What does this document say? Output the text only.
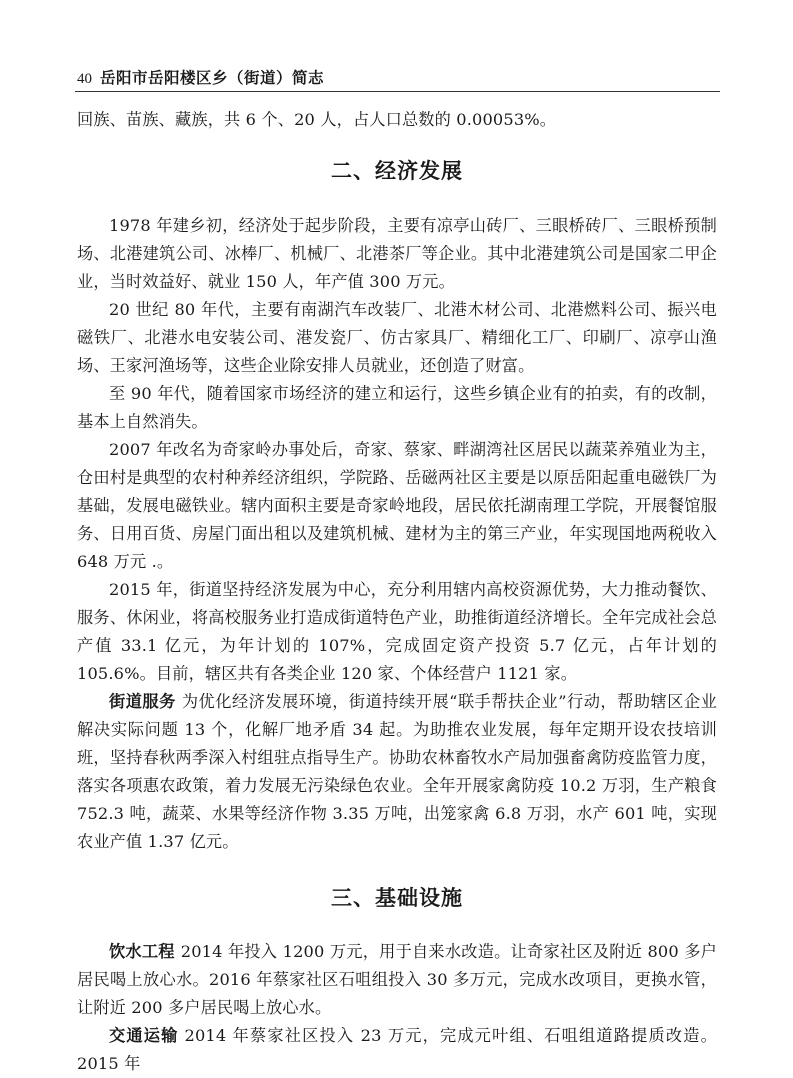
40 岳阳市岳阳楼区乡（街道）简志

回族、苗族、藏族，共 6 个、20 人，占人口总数的 0.00053%。

二、经济发展

1978 年建乡初，经济处于起步阶段，主要有凉亭山砖厂、三眼桥砖厂、三眼桥预制场、北港建筑公司、冰棒厂、机械厂、北港茶厂等企业。其中北港建筑公司是国家二甲企业，当时效益好、就业 150 人，年产值 300 万元。

20 世纪 80 年代，主要有南湖汽车改装厂、北港木材公司、北港燃料公司、振兴电磁铁厂、北港水电安装公司、港发瓷厂、仿古家具厂、精细化工厂、印刷厂、凉亭山渔场、王家河渔场等，这些企业除安排人员就业，还创造了财富。

至 90 年代，随着国家市场经济的建立和运行，这些乡镇企业有的拍卖，有的改制，基本上自然消失。

2007 年改名为奇家岭办事处后，奇家、蔡家、畔湖湾社区居民以蔬菜养殖业为主，仓田村是典型的农村种养经济组织，学院路、岳磁两社区主要是以原岳阳起重电磁铁厂为基础，发展电磁铁业。辖内面积主要是奇家岭地段，居民依托湖南理工学院，开展餐馆服务、日用百货、房屋门面出租以及建筑机械、建材为主的第三产业，年实现国地两税收入 648 万元 .。

2015 年，街道坚持经济发展为中心，充分利用辖内高校资源优势，大力推动餐饮、服务、休闲业，将高校服务业打造成街道特色产业，助推街道经济增长。全年完成社会总产值 33.1 亿元，为年计划的 107%，完成固定资产投资 5.7 亿元，占年计划的 105.6%。目前，辖区共有各类企业 120 家、个体经营户 1121 家。

街道服务 为优化经济发展环境，街道持续开展“联手帮扶企业”行动，帮助辖区企业解决实际问题 13 个，化解厂地矛盾 34 起。为助推农业发展，每年定期开设农技培训班，坚持春秋两季深入村组驻点指导生产。协助农林畜牧水产局加强畜禽防疫监管力度，落实各项惠农政策，着力发展无污染绿色农业。全年开展家禽防疫 10.2 万羽，生产粮食 752.3 吨，蔬菜、水果等经济作物 3.35 万吨，出笼家禽 6.8 万羽，水产 601 吨，实现农业产值 1.37 亿元。

三、基础设施

饮水工程 2014 年投入 1200 万元，用于自来水改造。让奇家社区及附近 800 多户居民喝上放心水。2016 年蔡家社区石咀组投入 30 多万元，完成水改项目，更换水管，让附近 200 多户居民喝上放心水。

交通运输 2014 年蔡家社区投入 23 万元，完成元叶组、石咀组道路提质改造。2015 年
